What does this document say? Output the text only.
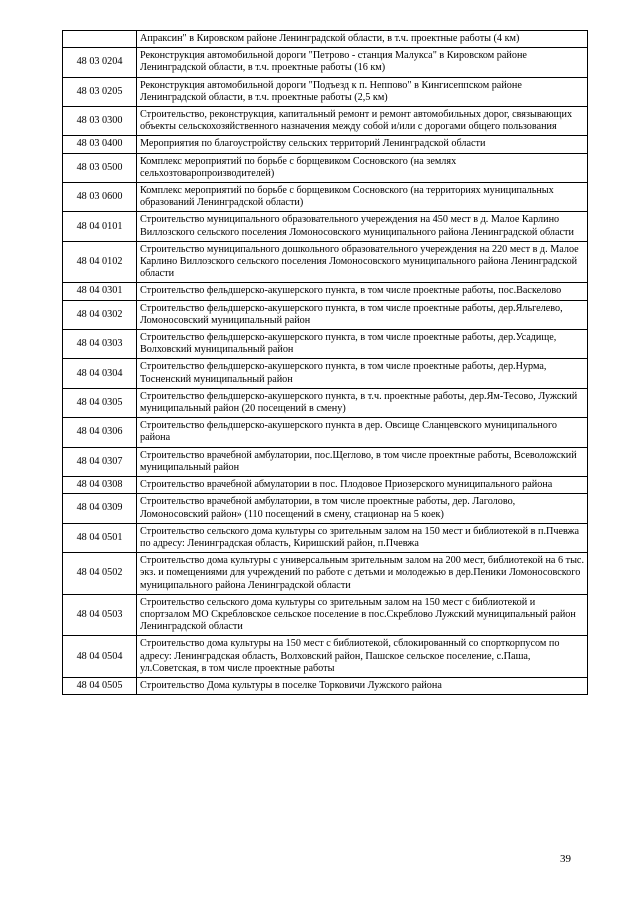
	Апраксин" в Кировском районе Ленинградской области, в т.ч. проектные работы (4 км)
48 03 0204	Реконструкция автомобильной дороги "Петрово - станция Малукса" в Кировском районе Ленинградской области, в т.ч. проектные работы (16 км)
48 03 0205	Реконструкция автомобильной дороги "Подъезд к п. Неппово" в Кингисеппском районе Ленинградской области, в т.ч. проектные работы (2,5 км)
48 03 0300	Строительство, реконструкция, капитальный ремонт и ремонт автомобильных дорог, связывающих объекты сельскохозяйственного назначения между собой и/или с дорогами общего пользования
48 03 0400	Мероприятия по благоустройству сельских территорий Ленинградской области
48 03 0500	Комплекс мероприятий по борьбе с борщевиком Сосновского (на землях сельхозтоваропроизводителей)
48 03 0600	Комплекс мероприятий по борьбе с борщевиком Сосновского (на территориях муниципальных образований Ленинградской области)
48 04 0101	Строительство муниципального образовательного учереждения на 450 мест в д. Малое Карлино Виллозского сельского поселения Ломоносовского муниципального района Ленинградской области
48 04 0102	Строительство муниципального дошкольного образовательного учереждения на 220 мест в д. Малое Карлино Виллозского сельского поселения Ломоносовского муниципального района Ленинградской области
48 04 0301	Строительство фельдшерско-акушерского пункта, в том числе проектные работы, пос.Васкелово
48 04 0302	Строительство фельдшерско-акушерского пункта, в том числе проектные работы, дер.Яльгелево, Ломоносовский муниципальный район
48 04 0303	Строительство фельдшерско-акушерского пункта, в том числе проектные работы, дер.Усадище, Волховский муниципальный район
48 04 0304	Строительство фельдшерско-акушерского пункта, в том числе проектные работы, дер.Нурма, Тосненский муниципальный район
48 04 0305	Строительство фельдшерско-акушерского пункта, в т.ч. проектные работы, дер.Ям-Тесово, Лужский муниципальный район (20 посещений в смену)
48 04 0306	Строительство фельдшерско-акушерского пункта в дер. Овсище Сланцевского муниципального района
48 04 0307	Строительство врачебной амбулатории, пос.Щеглово, в том числе проектные работы, Всеволожский муниципальный район
48 04 0308	Строительство врачебной абмулатории в пос. Плодовое Приозерского муниципального района
48 04 0309	Строительство врачебной амбулатории, в том числе проектные работы, дер. Лаголово, Ломоносовский район» (110 посещений в смену, стационар на 5 коек)
48 04 0501	Строительство сельского дома культуры со зрительным залом на 150 мест и библиотекой в п.Пчевжа по адресу: Ленинградская область, Киришский район, п.Пчевжа
48 04 0502	Строительство дома культуры с универсальным зрительным залом на 200 мест, библиотекой на 6 тыс. экз. и помещениями для учреждений по работе с детьми и молодежью в дер.Пеники Ломоносовского муниципального района Ленинградской области
48 04 0503	Строительство сельского дома культуры со зрительным залом на 150 мест с библиотекой и спортзалом МО Скребловское сельское поселение в пос.Скреблово Лужский муниципальный район Ленинградской области
48 04 0504	Строительство дома культуры на 150 мест с библиотекой, сблокированный со спорткорпусом по адресу: Ленинградская область, Волховский район, Пашское сельское поселение, с.Паша, ул.Советская, в том числе проектные работы
48 04 0505	Строительство Дома культуры в поселке Торковичи Лужского района
39
